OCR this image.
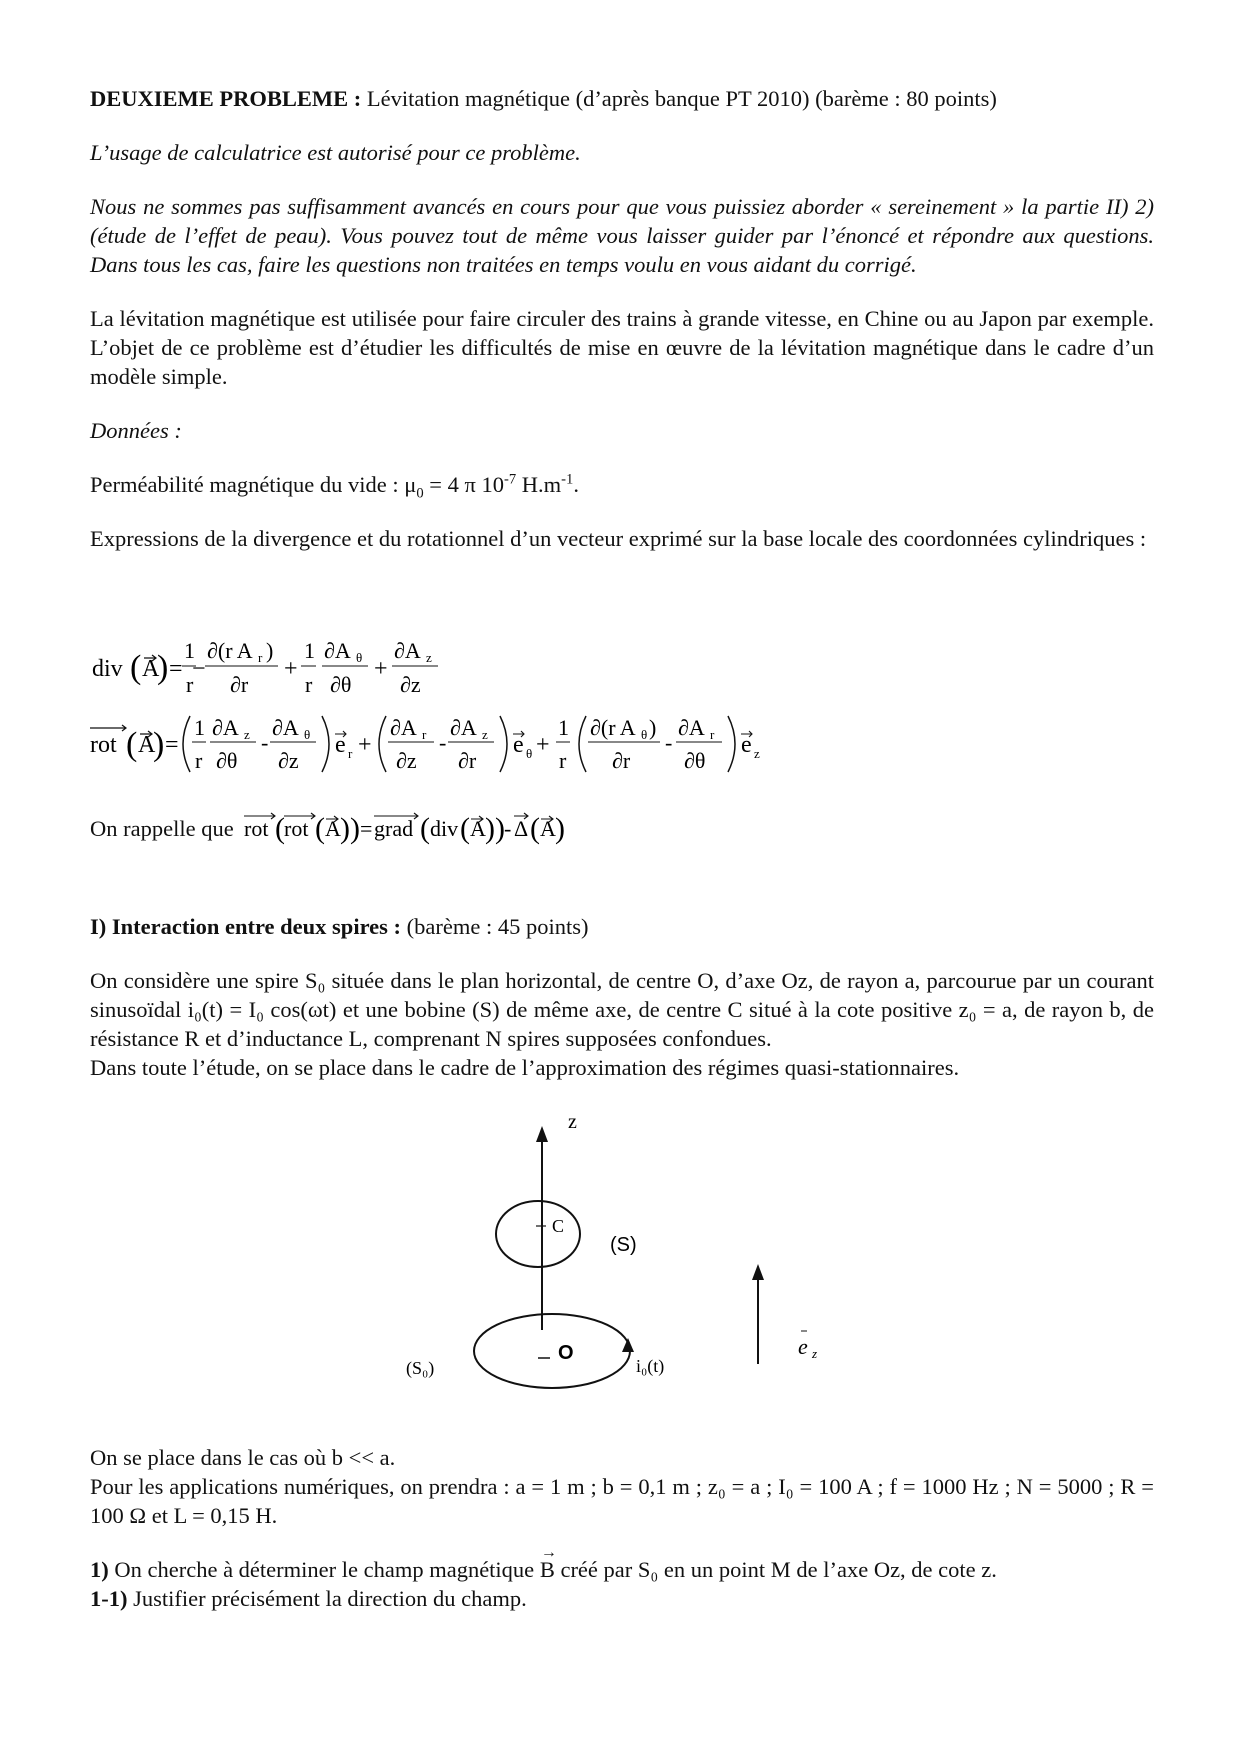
DEUXIEME PROBLEME : Lévitation magnétique (d’après banque PT 2010) (barème : 80 points)

L’usage de calculatrice est autorisé pour ce problème.

Nous ne sommes pas suffisamment avancés en cours pour que vous puissiez aborder « sereinement » la partie II) 2) (étude de l’effet de peau). Vous pouvez tout de même vous laisser guider par l’énoncé et répondre aux questions. Dans tous les cas, faire les questions non traitées en temps voulu en vous aidant du corrigé.

La lévitation magnétique est utilisée pour faire circuler des trains à grande vitesse, en Chine ou au Japon par exemple. L’objet de ce problème est d’étudier les difficultés de mise en œuvre de la lévitation magnétique dans le cadre d’un modèle simple.

Données :

Perméabilité magnétique du vide : $\mu_0 = 4$ π $10^{-7}$ $H.m^{-1}$.

Expressions de la divergence et du rotationnel d’un vecteur exprimé sur la base locale des coordonnées cylindriques :

div ( A
) = −
1
r
∂(r A r )
∂r
+
1
r
∂A θ
∂θ
+
∂A z
∂z
rot ( A
) =
1
r
∂A z
∂θ
-
∂A θ
∂z
e r +
∂A r
∂z
-
∂A z
∂r
e θ +
1
r
∂(r A θ )
∂r
-
∂A r
∂θ
e z
On rappelle que rot ( rot ( A )) = grad ( div ( A )) - Δ ( A )

I) Interaction entre deux spires : (barème : 45 points)

On considère une spire S₀ située dans le plan horizontal, de centre O, d’axe Oz, de rayon a, parcourue par un courant sinusoïdal i₀(t) = I₀ cos(ωt) et une bobine (S) de même axe, de centre C situé à la cote positive z₀ = a, de rayon b, de résistance R et d’inductance L, comprenant N spires supposées confondues.

Dans toute l’étude, on se place dans le cadre de l’approximation des régimes quasi-stationnaires.

z
C
(S)
O
(S₀)	i₀(t)
e z

On se place dans le cas où b << a.

Pour les applications numériques, on prendra : a = 1 m ; b = 0,1 m ; z₀ = a ; I₀ = 100 A ; f = 1000 Hz ; N = 5000 ; R = 100 Ω et L = 0,15 H.

1) On cherche à déterminer le champ magnétique
→
B créé par S₀ en un point M de l’axe Oz, de cote z.

1-1) Justifier précisément la direction du champ.
